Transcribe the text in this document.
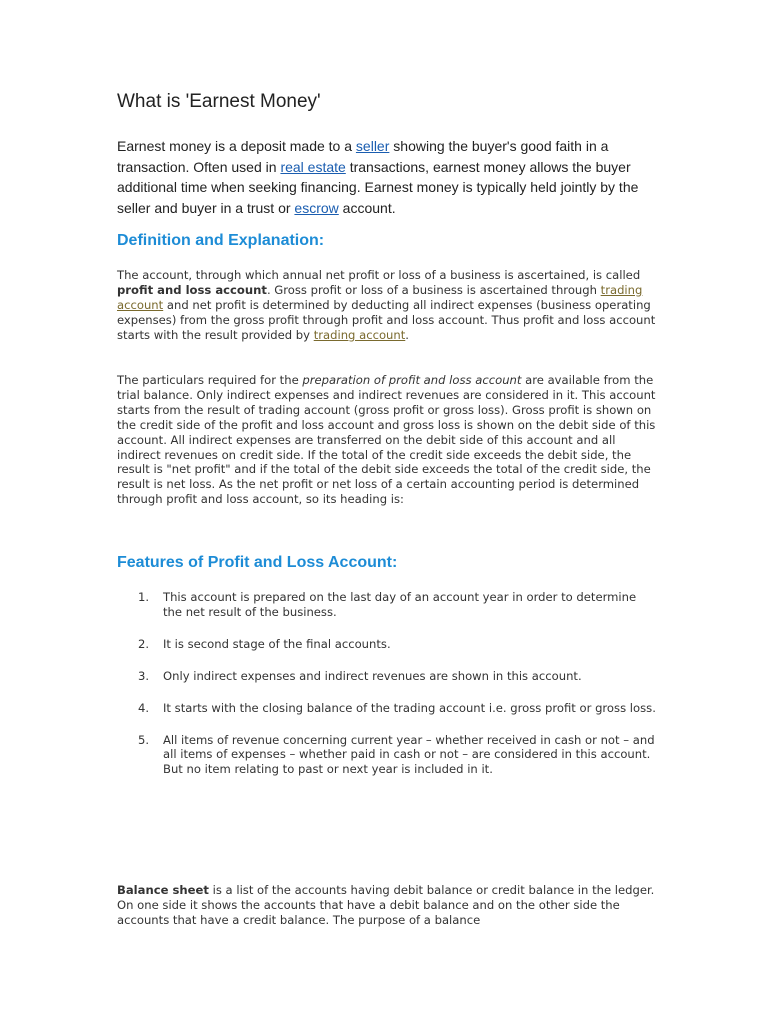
What is 'Earnest Money'

Earnest money is a deposit made to a seller showing the buyer's good faith in a transaction. Often used in real estate transactions, earnest money allows the buyer additional time when seeking financing. Earnest money is typically held jointly by the seller and buyer in a trust or escrow account.

Definition and Explanation:

The account, through which annual net profit or loss of a business is ascertained, is called profit and loss account. Gross profit or loss of a business is ascertained through trading account and net profit is determined by deducting all indirect expenses (business operating expenses) from the gross profit through profit and loss account. Thus profit and loss account starts with the result provided by trading account.

The particulars required for the preparation of profit and loss account are available from the trial balance. Only indirect expenses and indirect revenues are considered in it. This account starts from the result of trading account (gross profit or gross loss). Gross profit is shown on the credit side of the profit and loss account and gross loss is shown on the debit side of this account. All indirect expenses are transferred on the debit side of this account and all indirect revenues on credit side. If the total of the credit side exceeds the debit side, the result is "net profit" and if the total of the debit side exceeds the total of the credit side, the result is net loss. As the net profit or net loss of a certain accounting period is determined through profit and loss account, so its heading is:

Features of Profit and Loss Account:
1. This account is prepared on the last day of an account year in order to determine the net result of the business.
2. It is second stage of the final accounts.
3. Only indirect expenses and indirect revenues are shown in this account.
4. It starts with the closing balance of the trading account i.e. gross profit or gross loss.
5. All items of revenue concerning current year – whether received in cash or not – and all items of expenses – whether paid in cash or not – are considered in this account. But no item relating to past or next year is included in it.

Balance sheet is a list of the accounts having debit balance or credit balance in the ledger. On one side it shows the accounts that have a debit balance and on the other side the accounts that have a credit balance. The purpose of a balance
